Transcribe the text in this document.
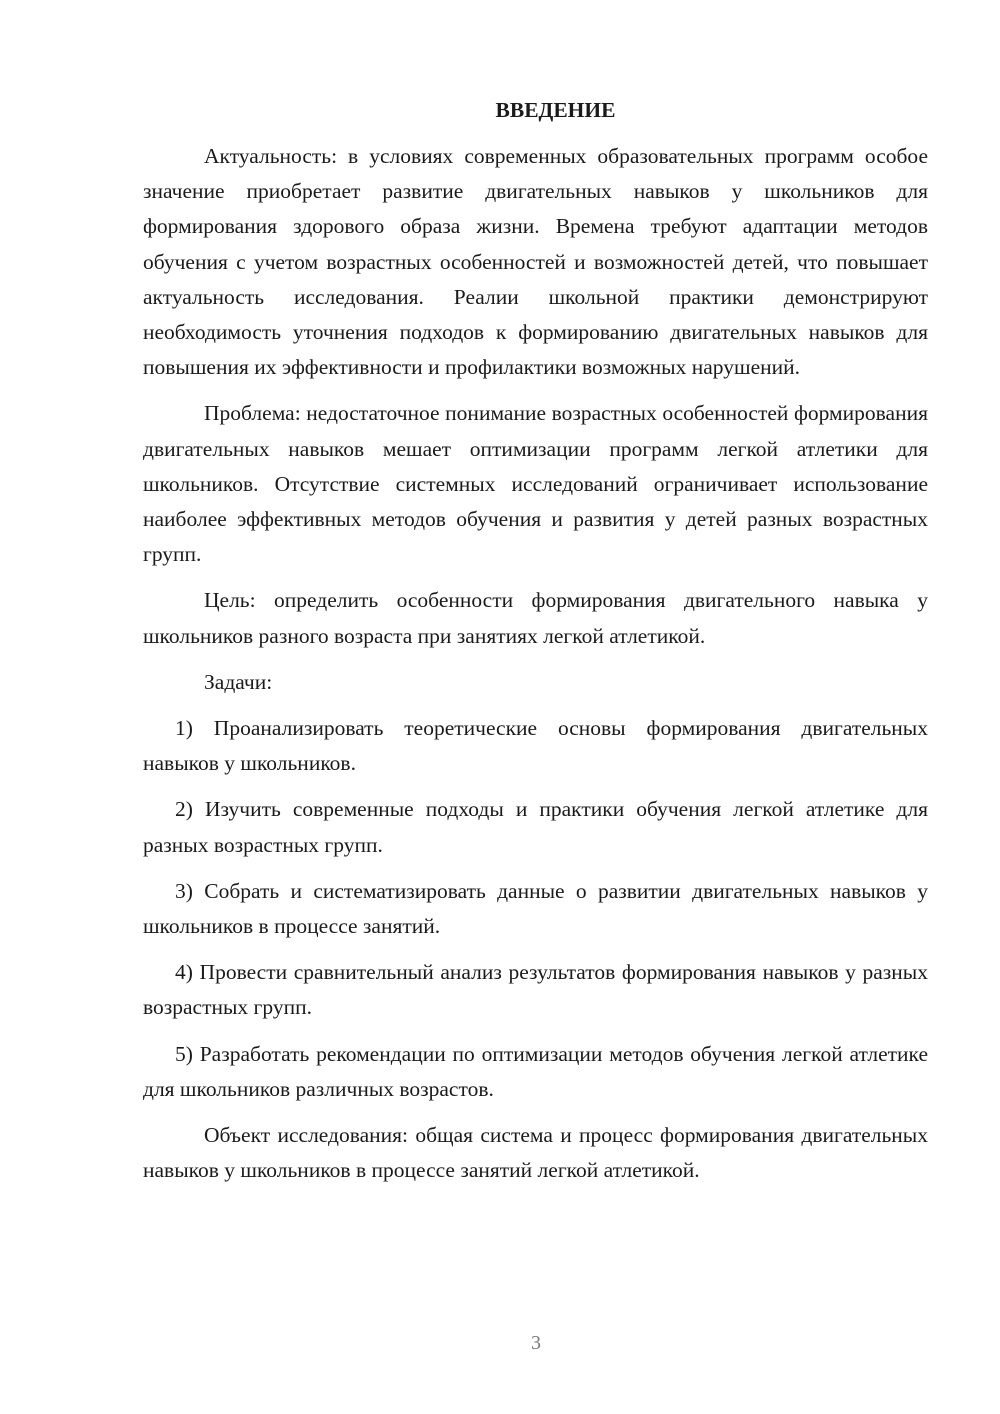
ВВЕДЕНИЕ

Актуальность: в условиях современных образовательных программ особое значение приобретает развитие двигательных навыков у школьников для формирования здорового образа жизни. Времена требуют адаптации методов обучения с учетом возрастных особенностей и возможностей детей, что повышает актуальность исследования. Реалии школьной практики демонстрируют необходимость уточнения подходов к формированию двигательных навыков для повышения их эффективности и профилактики возможных нарушений.

Проблема: недостаточное понимание возрастных особенностей формирования двигательных навыков мешает оптимизации программ легкой атлетики для школьников. Отсутствие системных исследований ограничивает использование наиболее эффективных методов обучения и развития у детей разных возрастных групп.

Цель: определить особенности формирования двигательного навыка у школьников разного возраста при занятиях легкой атлетикой.

Задачи:

1) Проанализировать теоретические основы формирования двигательных навыков у школьников.

2) Изучить современные подходы и практики обучения легкой атлетике для разных возрастных групп.

3) Собрать и систематизировать данные о развитии двигательных навыков у школьников в процессе занятий.

4) Провести сравнительный анализ результатов формирования навыков у разных возрастных групп.

5) Разработать рекомендации по оптимизации методов обучения легкой атлетике для школьников различных возрастов.

Объект исследования: общая система и процесс формирования двигательных навыков у школьников в процессе занятий легкой атлетикой.

3
